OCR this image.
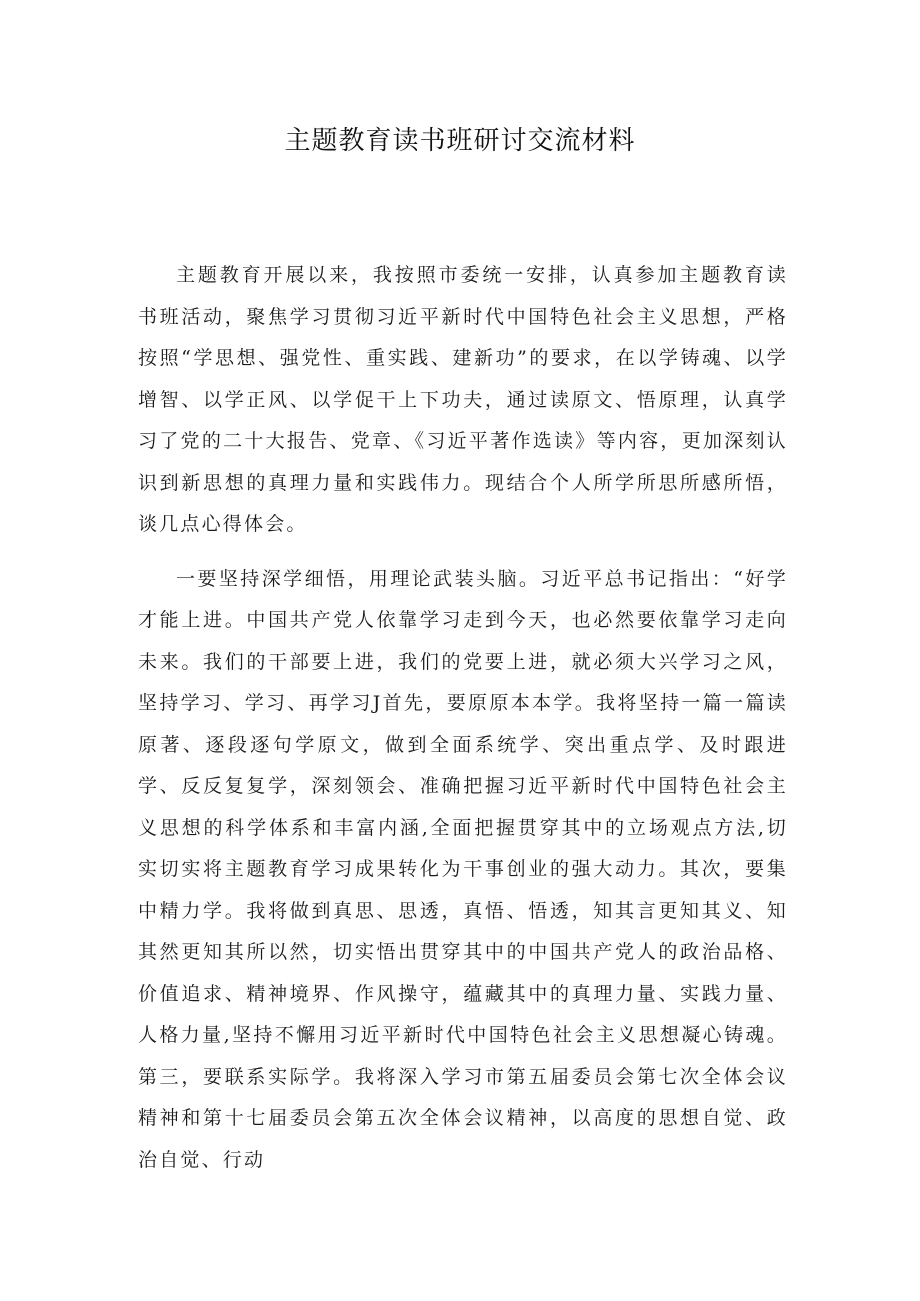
主题教育读书班研讨交流材料

主题教育开展以来，我按照市委统一安排，认真参加主题教育读书班活动，聚焦学习贯彻习近平新时代中国特色社会主义思想，严格按照“学思想、强党性、重实践、建新功”的要求，在以学铸魂、以学增智、以学正风、以学促干上下功夫，通过读原文、悟原理，认真学习了党的二十大报告、党章、《习近平著作选读》等内容，更加深刻认识到新思想的真理力量和实践伟力。现结合个人所学所思所感所悟，谈几点心得体会。

一要坚持深学细悟，用理论武装头脑。习近平总书记指出：“好学才能上进。中国共产党人依靠学习走到今天，也必然要依靠学习走向未来。我们的干部要上进，我们的党要上进，就必须大兴学习之风，坚持学习、学习、再学习J首先，要原原本本学。我将坚持一篇一篇读原著、逐段逐句学原文，做到全面系统学、突出重点学、及时跟进学、反反复复学，深刻领会、准确把握习近平新时代中国特色社会主义思想的科学体系和丰富内涵,全面把握贯穿其中的立场观点方法,切实切实将主题教育学习成果转化为干事创业的强大动力。其次，要集中精力学。我将做到真思、思透，真悟、悟透，知其言更知其义、知其然更知其所以然，切实悟出贯穿其中的中国共产党人的政治品格、价值追求、精神境界、作风操守，蕴藏其中的真理力量、实践力量、人格力量,坚持不懈用习近平新时代中国特色社会主义思想凝心铸魂。第三，要联系实际学。我将深入学习市第五届委员会第七次全体会议精神和第十七届委员会第五次全体会议精神，以高度的思想自觉、政治自觉、行动
